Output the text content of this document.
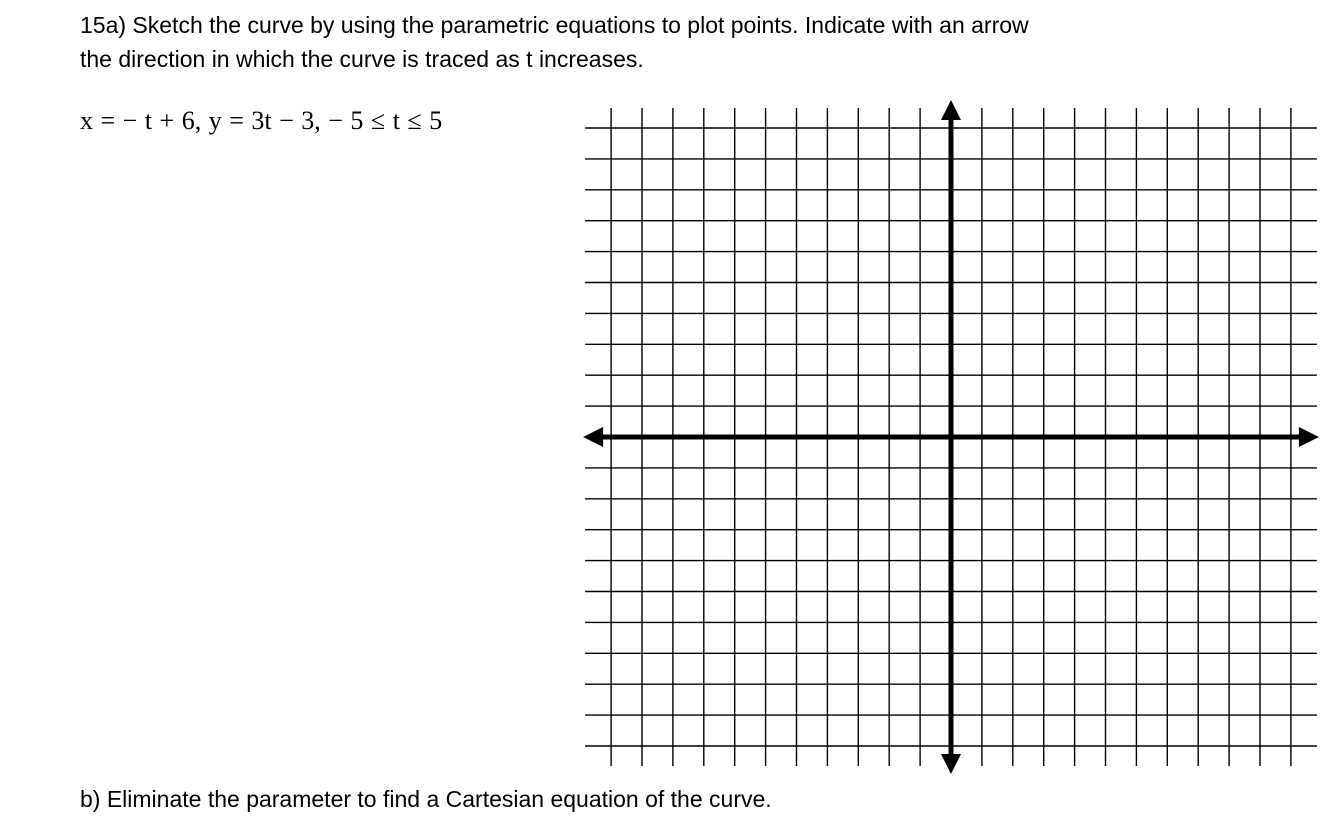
15a) Sketch the curve by using the parametric equations to plot points. Indicate with an arrow
the direction in which the curve is traced as t increases.
x = − t + 6, y = 3t − 3, − 5 ≤ t ≤ 5
b) Eliminate the parameter to find a Cartesian equation of the curve.
